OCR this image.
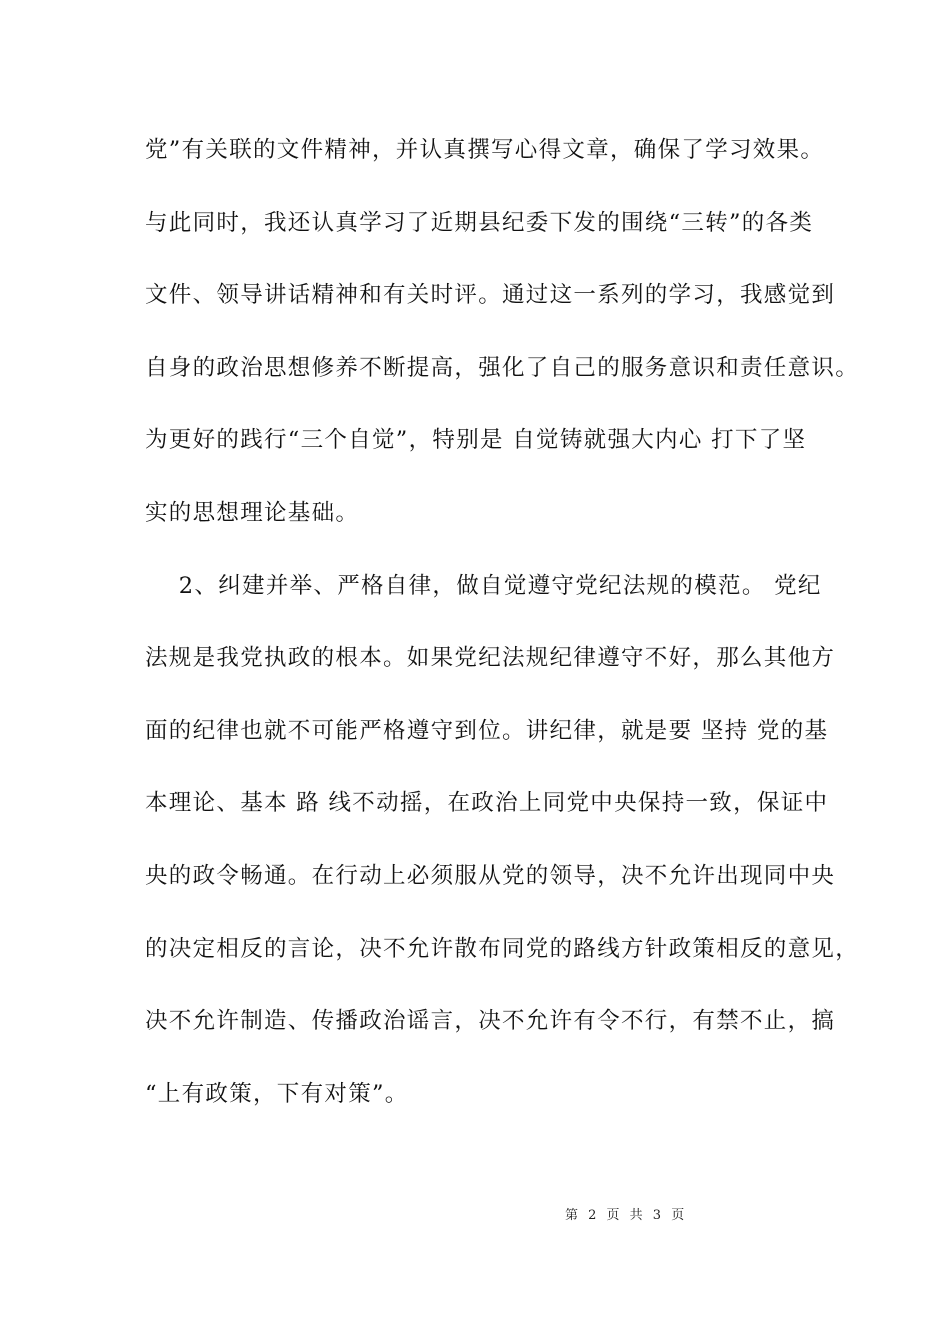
党”有关联的文件精神，并认真撰写心得文章，确保了学习效果。
与此同时，我还认真学习了近期县纪委下发的围绕“三转”的各类
文件、领导讲话精神和有关时评。通过这一系列的学习，我感觉到
自身的政治思想修养不断提高，强化了自己的服务意识和责任意识。
为更好的践行“三个自觉”，特别是 自觉铸就强大内心 打下了坚
实的思想理论基础。
2、纠建并举、严格自律，做自觉遵守党纪法规的模范。 党纪
法规是我党执政的根本。如果党纪法规纪律遵守不好，那么其他方
面的纪律也就不可能严格遵守到位。讲纪律，就是要 坚持 党的基
本理论、基本 路 线不动摇，在政治上同党中央保持一致，保证中
央的政令畅通。在行动上必须服从党的领导，决不允许出现同中央
的决定相反的言论，决不允许散布同党的路线方针政策相反的意见，
决不允许制造、传播政治谣言，决不允许有令不行，有禁不止，搞
“上有政策，下有对策”。
第 2 页 共 3 页
